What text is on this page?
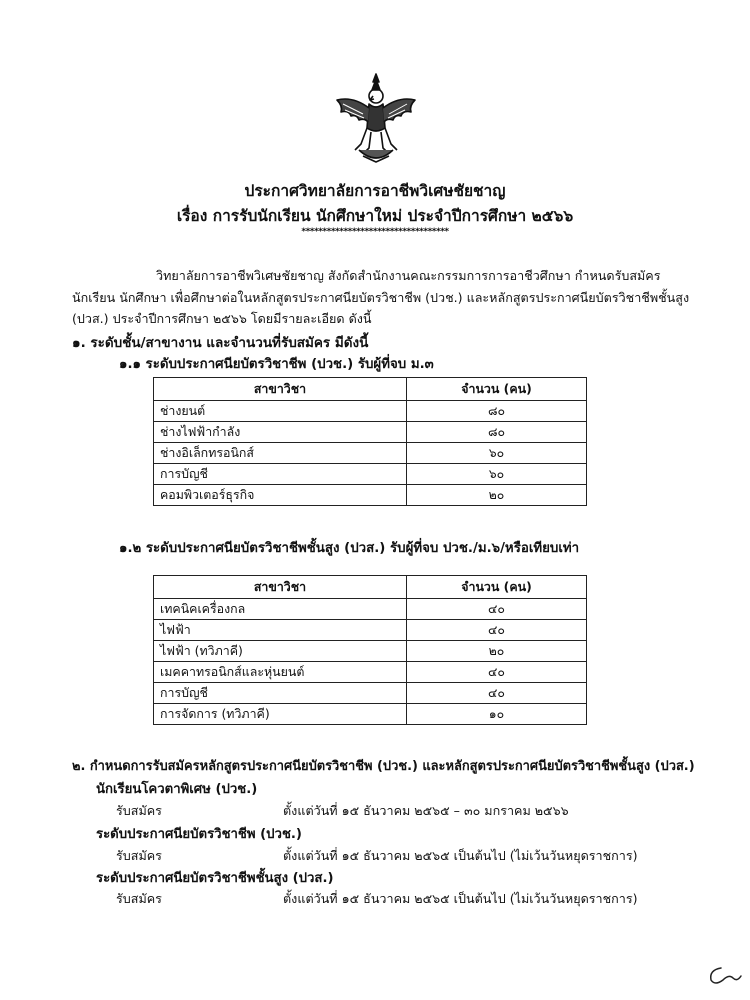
ประกาศวิทยาลัยการอาชีพวิเศษชัยชาญ
เรื่อง การรับนักเรียน นักศึกษาใหม่ ประจำปีการศึกษา ๒๕๖๖
***********************************
วิทยาลัยการอาชีพวิเศษชัยชาญ สังกัดสำนักงานคณะกรรมการการอาชีวศึกษา กำหนดรับสมัคร
นักเรียน นักศึกษา เพื่อศึกษาต่อในหลักสูตรประกาศนียบัตรวิชาชีพ (ปวช.) และหลักสูตรประกาศนียบัตรวิชาชีพชั้นสูง
(ปวส.) ประจำปีการศึกษา ๒๕๖๖ โดยมีรายละเอียด ดังนี้
๑. ระดับชั้น/สาขางาน และจำนวนที่รับสมัคร มีดังนี้
๑.๑ ระดับประกาศนียบัตรวิชาชีพ (ปวช.) รับผู้ที่จบ ม.๓
สาขาวิชา	จำนวน (คน)
ช่างยนต์	๘๐
ช่างไฟฟ้ากำลัง	๘๐
ช่างอิเล็กทรอนิกส์	๖๐
การบัญชี	๖๐
คอมพิวเตอร์ธุรกิจ	๒๐
๑.๒ ระดับประกาศนียบัตรวิชาชีพชั้นสูง (ปวส.) รับผู้ที่จบ ปวช./ม.๖/หรือเทียบเท่า
สาขาวิชา	จำนวน (คน)
เทคนิคเครื่องกล	๔๐
ไฟฟ้า	๔๐
ไฟฟ้า (ทวิภาคี)	๒๐
เมคคาทรอนิกส์และหุ่นยนต์	๔๐
การบัญชี	๔๐
การจัดการ (ทวิภาคี)	๑๐
๒. กำหนดการรับสมัครหลักสูตรประกาศนียบัตรวิชาชีพ (ปวช.) และหลักสูตรประกาศนียบัตรวิชาชีพชั้นสูง (ปวส.)
นักเรียนโควตาพิเศษ (ปวช.)
รับสมัคร	ตั้งแต่วันที่ ๑๕ ธันวาคม ๒๕๖๕ – ๓๐ มกราคม ๒๕๖๖
ระดับประกาศนียบัตรวิชาชีพ (ปวช.)
รับสมัคร	ตั้งแต่วันที่ ๑๕ ธันวาคม ๒๕๖๕ เป็นต้นไป (ไม่เว้นวันหยุดราชการ)
ระดับประกาศนียบัตรวิชาชีพชั้นสูง (ปวส.)
รับสมัคร	ตั้งแต่วันที่ ๑๕ ธันวาคม ๒๕๖๕ เป็นต้นไป (ไม่เว้นวันหยุดราชการ)
